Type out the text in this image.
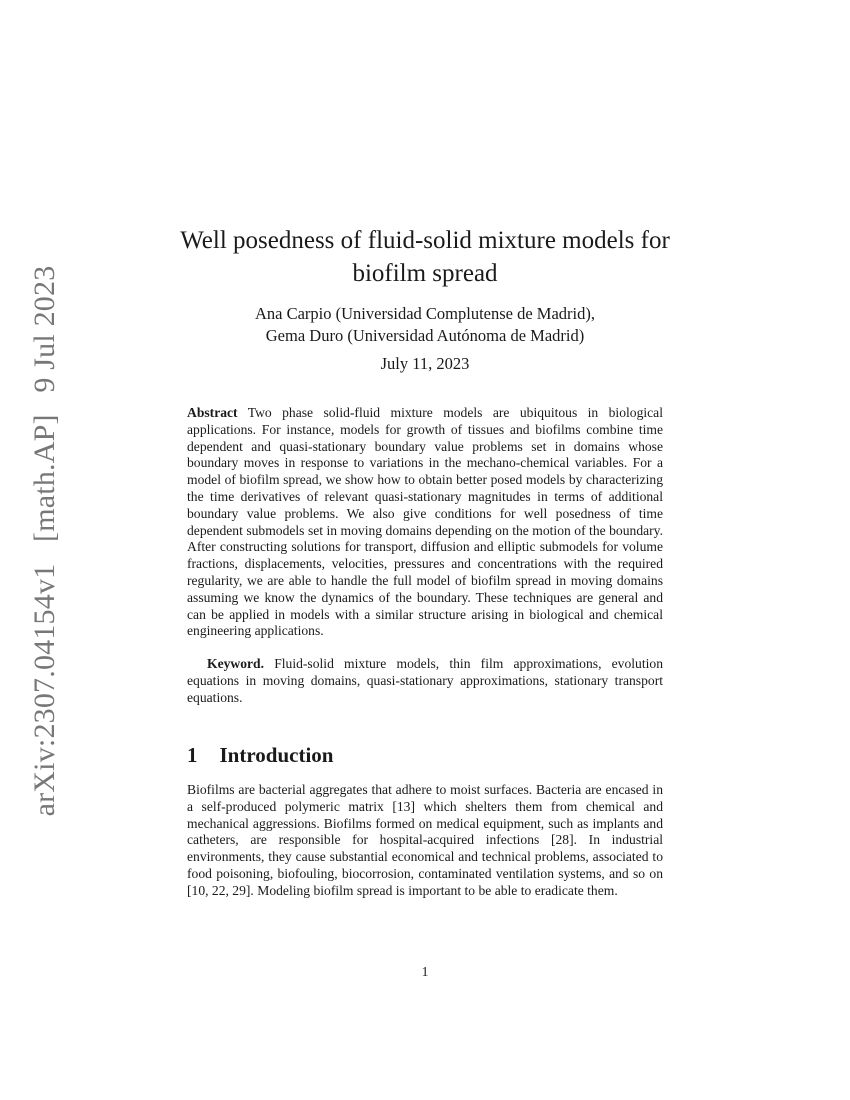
arXiv:2307.04154v1 [math.AP] 9 Jul 2023
Well posedness of fluid-solid mixture models for
biofilm spread
Ana Carpio (Universidad Complutense de Madrid),
Gema Duro (Universidad Autónoma de Madrid)
July 11, 2023

Abstract Two phase solid-fluid mixture models are ubiquitous in biological applications. For instance, models for growth of tissues and biofilms combine time dependent and quasi-stationary boundary value problems set in domains whose boundary moves in response to variations in the mechano-chemical variables. For a model of biofilm spread, we show how to obtain better posed models by characterizing the time derivatives of relevant quasi-stationary magnitudes in terms of additional boundary value problems. We also give conditions for well posedness of time dependent submodels set in moving domains depending on the motion of the boundary. After constructing solutions for transport, diffusion and elliptic submodels for volume fractions, displacements, velocities, pressures and concentrations with the required regularity, we are able to handle the full model of biofilm spread in moving domains assuming we know the dynamics of the boundary. These techniques are general and can be applied in models with a similar structure arising in biological and chemical engineering applications.

Keyword. Fluid-solid mixture models, thin film approximations, evolution equations in moving domains, quasi-stationary approximations, stationary transport equations.

1 Introduction

Biofilms are bacterial aggregates that adhere to moist surfaces. Bacteria are encased in a self-produced polymeric matrix [13] which shelters them from chemical and mechanical aggressions. Biofilms formed on medical equipment, such as implants and catheters, are responsible for hospital-acquired infections [28]. In industrial environments, they cause substantial economical and technical problems, associated to food poisoning, biofouling, biocorrosion, contaminated ventilation systems, and so on [10, 22, 29]. Modeling biofilm spread is important to be able to eradicate them.

1
